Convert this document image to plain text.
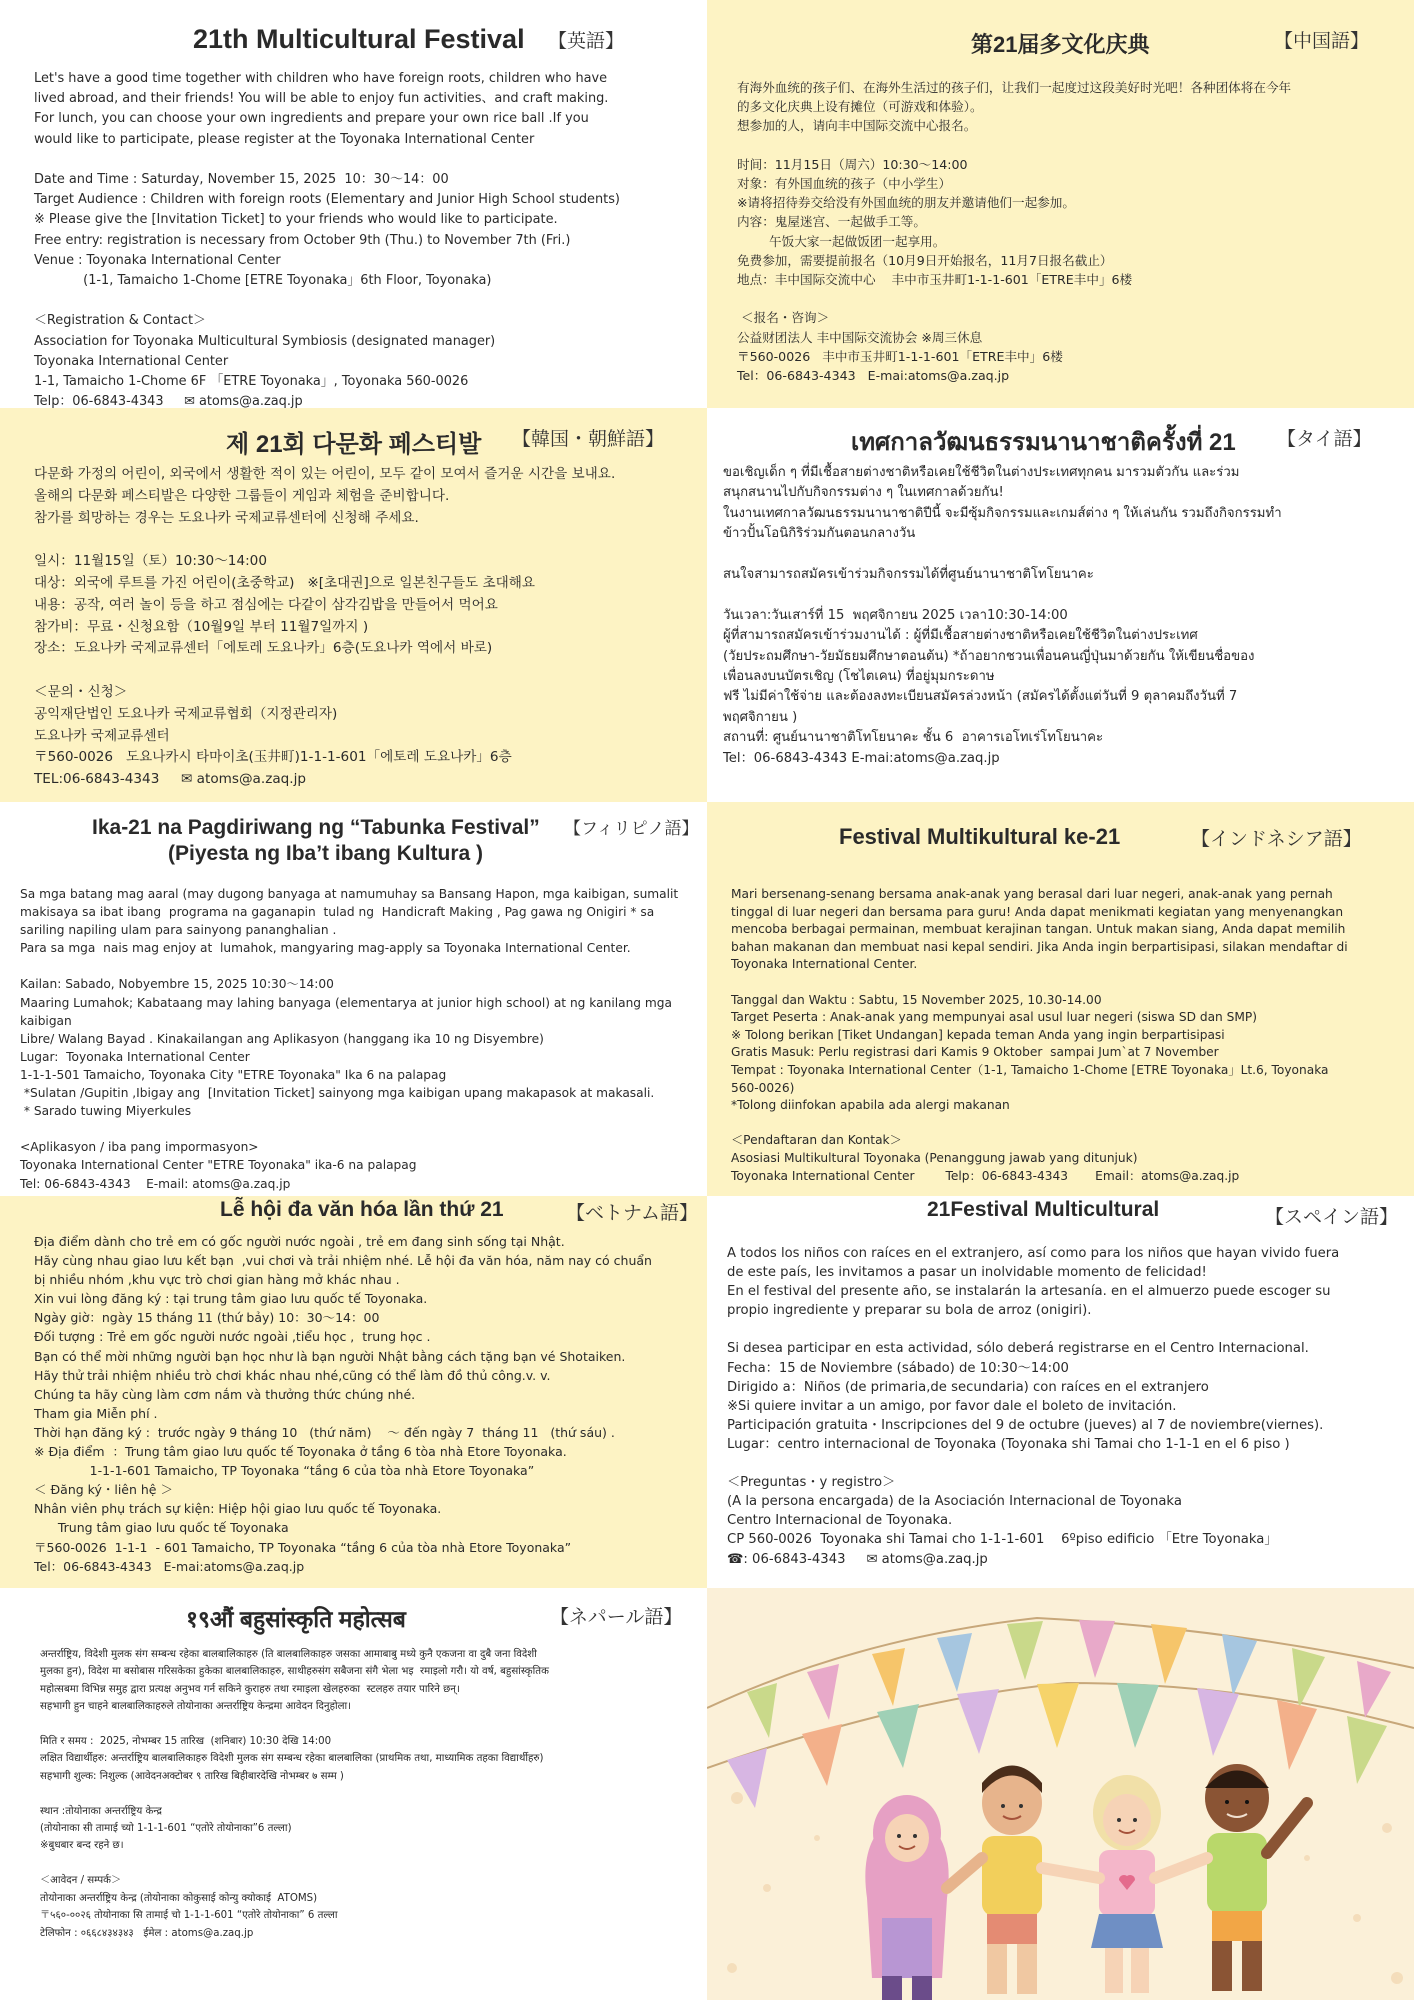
21th Multicultural Festival 【英語】

Let's have a good time together with children who have foreign roots, children who have

lived abroad, and their friends! You will be able to enjoy fun activities、and craft making.

For lunch, you can choose your own ingredients and prepare your own rice ball .If you

would like to participate, please register at the Toyonaka International Center

Date and Time : Saturday, November 15, 2025  10：30～14：00

Target Audience : Children with foreign roots (Elementary and Junior High School students)

※ Please give the [Invitation Ticket] to your friends who would like to participate.

Free entry: registration is necessary from October 9th (Thu.) to November 7th (Fri.)

Venue : Toyonaka International Center

(1-1, Tamaicho 1-Chome [ETRE Toyonaka」6th Floor, Toyonaka)

＜Registration & Contact＞

Association for Toyonaka Multicultural Symbiosis (designated manager)

Toyonaka International Center

1-1, Tamaicho 1-Chome 6F 「ETRE Toyonaka」, Toyonaka 560-0026

Telp：06-6843-4343     ✉ atoms@a.zaq.jp

第21届多文化庆典	【中国語】

有海外血统的孩子们、在海外生活过的孩子们，让我们一起度过这段美好时光吧！各种团体将在今年

的多文化庆典上设有摊位（可游戏和体验）。

想参加的人，请向丰中国际交流中心报名。

时间：11月15日（周六）10:30～14:00

对象：有外国血统的孩子（中小学生）

※请将招待券交给没有外国血统的朋友并邀请他们一起参加。

内容：鬼屋迷宫、一起做手工等。

午饭大家一起做饭团一起享用。

免费参加，需要提前报名（10月9日开始报名，11月7日报名截止）

地点：丰中国际交流中心    丰中市玉井町1-1-1-601「ETRE丰中」6楼

＜报名・咨询＞

公益财团法人 丰中国际交流协会 ※周三休息

〒560-0026   丰中市玉井町1-1-1-601「ETRE丰中」6楼

Tel：06-6843-4343   E-mai:atoms@a.zaq.jp

제 21회 다문화 페스티발 【韓国・朝鮮語】

다문화 가정의 어린이, 외국에서 생활한 적이 있는 어린이, 모두 같이 모여서 즐거운 시간을 보내요.

올해의 다문화 페스티발은 다양한 그룹들이 게임과 체험을 준비합니다.

참가를 희망하는 경우는 도요나카 국제교류센터에 신청해 주세요.

일시：11월15일（토）10:30～14:00

대상：외국에 루트를 가진 어린이(초중학교)   ※[초대권]으로 일본친구들도 초대해요

내용：공작, 여러 놀이 등을 하고 점심에는 다같이 삼각김밥을 만들어서 먹어요

참가비：무료・신청요함（10월9일 부터 11월7일까지 )

장소：도요나카 국제교류센터「에토레 도요나카」6층(도요나카 역에서 바로)

＜문의・신청＞

공익재단법인 도요나카 국제교류협회（지정관리자)

도요나카 국제교류센터

〒560-0026   도요나카시 타마이초(玉井町)1-1-1-601「에토레 도요나카」6층

TEL:06-6843-4343     ✉ atoms@a.zaq.jp

เทศกาลวัฒนธรรมนานาชาติครั้งที่ 21 【タイ語】

ขอเชิญเด็ก ๆ ที่มีเชื้อสายต่างชาติหรือเคยใช้ชีวิตในต่างประเทศทุกคน มารวมตัวกัน และร่วม

สนุกสนานไปกับกิจกรรมต่าง ๆ ในเทศกาลด้วยกัน!

ในงานเทศกาลวัฒนธรรมนานาชาติปีนี้ จะมีซุ้มกิจกรรมและเกมส์ต่าง ๆ ให้เล่นกัน รวมถึงกิจกรรมทำ

ข้าวปั้นโอนิกิริร่วมกันตอนกลางวัน

สนใจสามารถสมัครเข้าร่วมกิจกรรมได้ที่ศูนย์นานาชาติโทโยนาคะ

วันเวลา:วันเสาร์ที่ 15  พฤศจิกายน 2025 เวลา10:30-14:00

ผู้ที่สามารถสมัครเข้าร่วมงานได้ : ผู้ที่มีเชื้อสายต่างชาติหรือเคยใช้ชีวิตในต่างประเทศ

(วัยประถมศึกษา-วัยมัธยมศึกษาตอนต้น) *ถ้าอยากชวนเพื่อนคนญี่ปุ่นมาด้วยกัน ให้เขียนชื่อของ

เพื่อนลงบนบัตรเชิญ (โชไตเคน) ที่อยู่มุมกระดาษ

ฟรี ไม่มีค่าใช้จ่าย และต้องลงทะเบียนสมัครล่วงหน้า (สมัครได้ตั้งแต่วันที่ 9 ตุลาคมถึงวันที่ 7

พฤศจิกายน )

สถานที่: ศูนย์นานาชาติโทโยนาคะ ชั้น 6  อาคารเอโทเร่โทโยนาคะ

Tel：06-6843-4343 E-mai:atoms@a.zaq.jp

Ika-21 na Pagdiriwang ng “Tabunka Festival”
(Piyesta ng Iba’t ibang Kultura )
【フィリピノ語】

Sa mga batang mag aaral (may dugong banyaga at namumuhay sa Bansang Hapon, mga kaibigan, sumalit

makisaya sa ibat ibang  programa na gaganapin  tulad ng  Handicraft Making , Pag gawa ng Onigiri * sa

sariling napiling ulam para sainyong pananghalian .

Para sa mga  nais mag enjoy at  lumahok, mangyaring mag-apply sa Toyonaka International Center.

Kailan: Sabado, Nobyembre 15, 2025 10:30～14:00

Maaring Lumahok; Kabataang may lahing banyaga (elementarya at junior high school) at ng kanilang mga

kaibigan

Libre/ Walang Bayad . Kinakailangan ang Aplikasyon (hanggang ika 10 ng Disyembre)

Lugar:  Toyonaka International Center

1-1-1-501 Tamaicho, Toyonaka City "ETRE Toyonaka" Ika 6 na palapag

*Sulatan /Gupitin ,Ibigay ang  [Invitation Ticket] sainyong mga kaibigan upang makapasok at makasali.

* Sarado tuwing Miyerkules

<Aplikasyon / iba pang impormasyon>

Toyonaka International Center "ETRE Toyonaka" ika-6 na palapag

Tel: 06-6843-4343    E-mail: atoms@a.zaq.jp

Festival Multikultural ke-21	【インドネシア語】

Mari bersenang-senang bersama anak-anak yang berasal dari luar negeri, anak-anak yang pernah

tinggal di luar negeri dan bersama para guru! Anda dapat menikmati kegiatan yang menyenangkan

mencoba berbagai permainan, membuat kerajinan tangan. Untuk makan siang, Anda dapat memilih

bahan makanan dan membuat nasi kepal sendiri. Jika Anda ingin berpartisipasi, silakan mendaftar di

Toyonaka International Center.

Tanggal dan Waktu : Sabtu, 15 November 2025, 10.30-14.00

Target Peserta : Anak-anak yang mempunyai asal usul luar negeri (siswa SD dan SMP)

※ Tolong berikan [Tiket Undangan] kepada teman Anda yang ingin berpartisipasi

Gratis Masuk: Perlu registrasi dari Kamis 9 Oktober  sampai Jum`at 7 November

Tempat : Toyonaka International Center（1-1, Tamaicho 1-Chome [ETRE Toyonaka」Lt.6, Toyonaka

560-0026)

*Tolong diinfokan apabila ada alergi makanan

＜Pendaftaran dan Kontak＞

Asosiasi Multikultural Toyonaka (Penanggung jawab yang ditunjuk)

Toyonaka International Center        Telp：06-6843-4343       Email：atoms@a.zaq.jp

Lễ hội đa văn hóa lần thứ 21	【ベトナム語】

Địa điểm dành cho trẻ em có gốc người nước ngoài , trẻ em đang sinh sống tại Nhật.

Hãy cùng nhau giao lưu kết bạn  ,vui chơi và trải nhiệm nhé. Lễ hội đa văn hóa, năm nay có chuẩn

bị nhiều nhóm ,khu vực trò chơi gian hàng mở khác nhau .

Xin vui lòng đăng ký : tại trung tâm giao lưu quốc tế Toyonaka.

Ngày giờ：ngày 15 tháng 11 (thứ bảy) 10：30～14：00

Đối tượng : Trẻ em gốc người nước ngoài ,tiểu học ,  trung học .

Bạn có thể mời những người bạn học như là bạn người Nhật bằng cách tặng bạn vé Shotaiken.

Hãy thử trải nhiệm nhiều trò chơi khác nhau nhé,cũng có thể làm đồ thủ công.v. v.

Chúng ta hãy cùng làm cơm nắm và thưởng thức chúng nhé.

Tham gia Miễn phí .

Thời hạn đăng ký :  trước ngày 9 tháng 10   (thứ năm)    ～ đến ngày 7  tháng 11   (thứ sáu) .

※ Địa điểm  ：Trung tâm giao lưu quốc tế Toyonaka ở tầng 6 tòa nhà Etore Toyonaka.

1-1-1-601 Tamaicho, TP Toyonaka “tầng 6 của tòa nhà Etore Toyonaka”

＜ Đăng ký・liên hệ ＞

Nhân viên phụ trách sự kiện: Hiệp hội giao lưu quốc tế Toyonaka.

Trung tâm giao lưu quốc tế Toyonaka

〒560-0026  1-1-1  - 601 Tamaicho, TP Toyonaka “tầng 6 của tòa nhà Etore Toyonaka”

Tel：06-6843-4343   E-mai:atoms@a.zaq.jp

21Festival Multicultural	【スペイン語】

A todos los niños con raíces en el extranjero, así como para los niños que hayan vivido fuera

de este país, les invitamos a pasar un inolvidable momento de felicidad!

En el festival del presente año, se instalarán la artesanía. en el almuerzo puede escoger su

propio ingrediente y preparar su bola de arroz (onigiri).

Si desea participar en esta actividad, sólo deberá registrarse en el Centro Internacional.

Fecha：15 de Noviembre (sábado) de 10:30～14:00

Dirigido a：Niños (de primaria,de secundaria) con raíces en el extranjero

※Si quiere invitar a un amigo, por favor dale el boleto de invitación.

Participación gratuita・Inscripciones del 9 de octubre (jueves) al 7 de noviembre(viernes).

Lugar：centro internacional de Toyonaka (Toyonaka shi Tamai cho 1-1-1 en el 6 piso )

＜Preguntas・y registro＞

(A la persona encargada) de la Asociación Internacional de Toyonaka

Centro Internacional de Toyonaka.

CP 560-0026  Toyonaka shi Tamai cho 1-1-1-601    6ºpiso edificio 「Etre Toyonaka」

☎: 06-6843-4343     ✉ atoms@a.zaq.jp

१९औं बहुसांस्कृति महोत्सब	【ネパール語】

अन्तर्राष्ट्रिय, विदेशी मुलक संग सम्बन्ध रहेका बालबालिकाहरु (ति बालबालिकाहरु जसका आमाबाबु मध्ये कुनै एकजना वा दुबै जना विदेशी

मुलका हुन), विदेश मा बसोबास गरिसकेका हुकेका बालबालिकाहरु, साथीहरुसंग सबैजना संगै भेला भइ  रमाइलो गरौ। यो वर्ष, बहुसांस्कृतिक

महोत्सबमा विभिन्न समुह द्वारा प्रत्यक्ष अनुभव गर्न सकिने कुराहरु तथा रमाइला खेलहरुका  स्टलहरु तयार पारिने छन्।

सहभागी हुन चाहने बालबालिकाहरुले तोयोनाका अन्तर्राष्ट्रिय केन्द्रमा आवेदन दिनुहोला।

मिति र समय :  2025, नोभम्बर 15 तारिख  (शनिबार) 10:30 देखि 14:00

लक्षित विद्यार्थीहरु: अन्तर्राष्ट्रिय बालबालिकाहरु विदेशी मुलक संग सम्बन्ध रहेका बालबालिका (प्राथमिक तथा, माध्यामिक तहका विद्यार्थीहरु)

सहभागी शुल्क: निशुल्क (आवेदनअक्टोबर ९ तारिख बिहीबारदेखि नोभम्बर ७ सम्म )

स्थान :तोयोनाका अन्तर्राष्ट्रिय केन्द्र

(तोयोनाका सी तामाई च्यो 1-1-1-601 “एतोरे तोयोनाका”6 तल्ला)

※बुधबार बन्द रहने छ।

＜आवेदन / सम्पर्क＞

तोयोनाका अन्तर्राष्ट्रिय केन्द्र (तोयोनाका कोकुसाई कोन्यु क्योकाई  ATOMS)

〒५६०-००२६ तोयोनाका सि तामाई चो 1-1-1-601 “एतोरे तोयोनाका” 6 तल्ला

टेलिफोन : ०६६८४३४३४३   ईमेल : atoms@a.zaq.jp
